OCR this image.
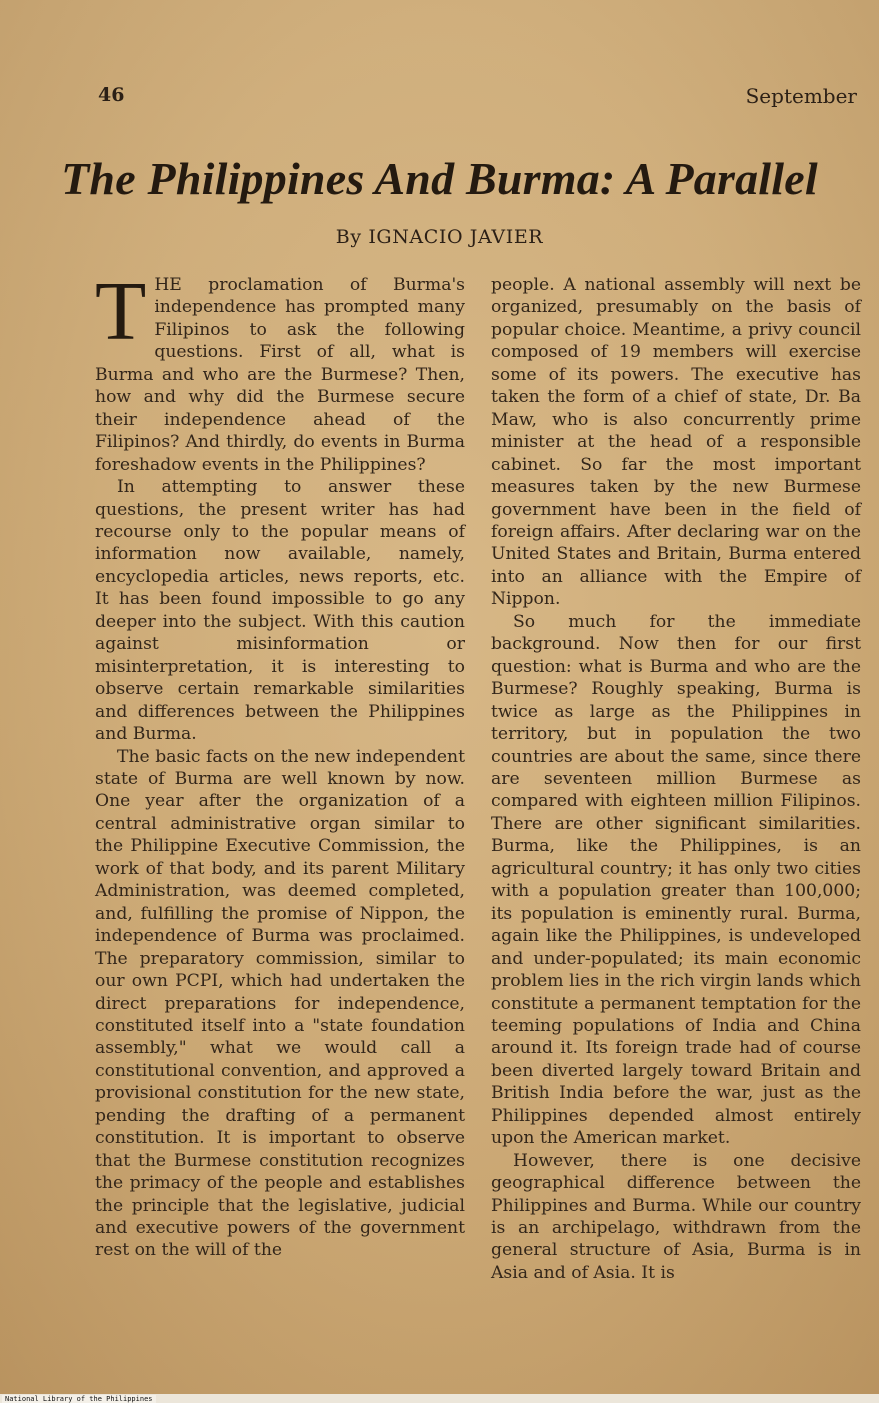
46	September
The Philippines And Burma: A Parallel
By IGNACIO JAVIER

THE proclamation of Burma's independence has prompted many Filipinos to ask the following questions. First of all, what is Burma and who are the Burmese? Then, how and why did the Burmese secure their independence ahead of the Filipinos? And thirdly, do events in Burma foreshadow events in the Philippines?

In attempting to answer these questions, the present writer has had recourse only to the popular means of information now available, namely, encyclopedia articles, news reports, etc. It has been found impossible to go any deeper into the subject. With this caution against misinformation or misinterpretation, it is interesting to observe certain remarkable similarities and differences between the Philippines and Burma.

The basic facts on the new independent state of Burma are well known by now. One year after the organization of a central administrative organ similar to the Philippine Executive Commission, the work of that body, and its parent Military Administration, was deemed completed, and, fulfilling the promise of Nippon, the independence of Burma was proclaimed. The preparatory commission, similar to our own PCPI, which had undertaken the direct preparations for independence, constituted itself into a "state foundation assembly," what we would call a constitutional convention, and approved a provisional constitution for the new state, pending the drafting of a permanent constitution. It is important to observe that the Burmese constitution recognizes the primacy of the people and establishes the principle that the legislative, judicial and executive powers of the government rest on the will of the

people. A national assembly will next be organized, presumably on the basis of popular choice. Meantime, a privy council composed of 19 members will exercise some of its powers. The executive has taken the form of a chief of state, Dr. Ba Maw, who is also concurrently prime minister at the head of a responsible cabinet. So far the most important measures taken by the new Burmese government have been in the field of foreign affairs. After declaring war on the United States and Britain, Burma entered into an alliance with the Empire of Nippon.

So much for the immediate background. Now then for our first question: what is Burma and who are the Burmese? Roughly speaking, Burma is twice as large as the Philippines in territory, but in population the two countries are about the same, since there are seventeen million Burmese as compared with eighteen million Filipinos. There are other significant similarities. Burma, like the Philippines, is an agricultural country; it has only two cities with a population greater than 100,000; its population is eminently rural. Burma, again like the Philippines, is undeveloped and under-populated; its main economic problem lies in the rich virgin lands which constitute a permanent temptation for the teeming populations of India and China around it. Its foreign trade had of course been diverted largely toward Britain and British India before the war, just as the Philippines depended almost entirely upon the American market.

However, there is one decisive geographical difference between the Philippines and Burma. While our country is an archipelago, withdrawn from the general structure of Asia, Burma is in Asia and of Asia. It is

National Library of the Philippines
